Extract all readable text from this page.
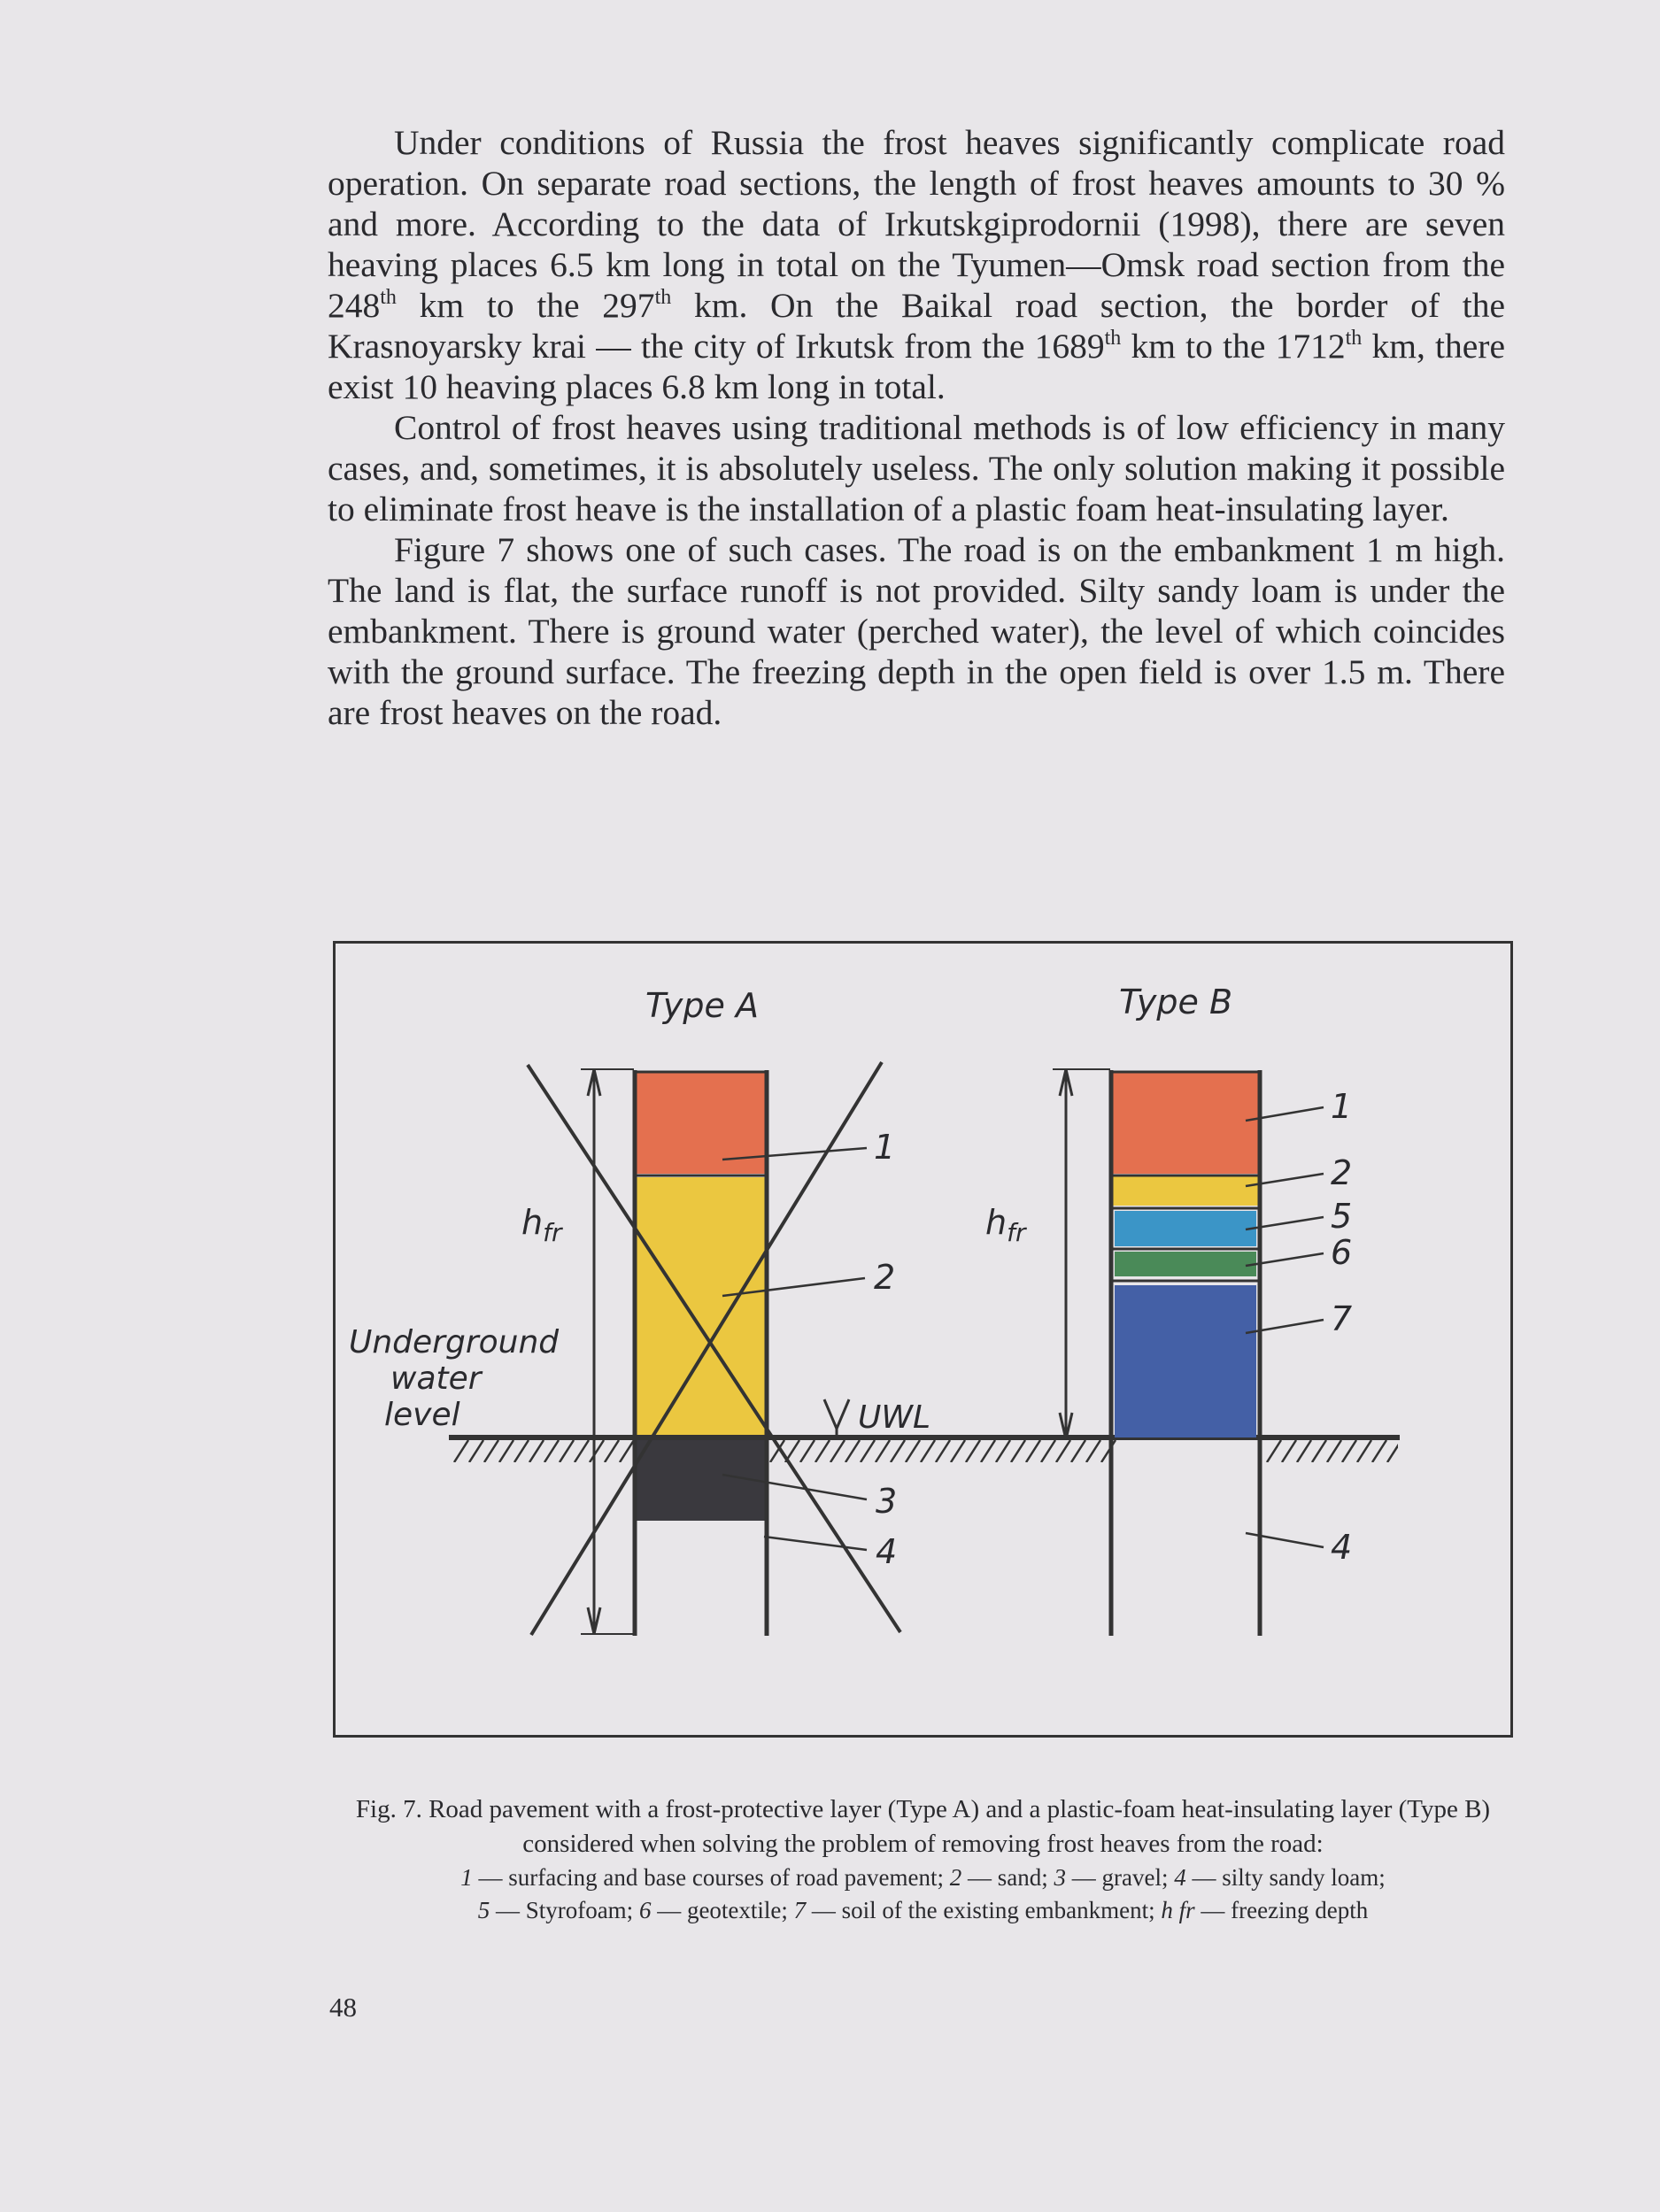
Under conditions of Russia the frost heaves significantly complicate road operation. On separate road sections, the length of frost heaves amounts to 30 % and more. According to the data of Irkutskgiprodornii (1998), there are seven heaving places 6.5 km long in total on the Tyumen—Omsk road section from the 248th km to the 297th km. On the Baikal road section, the border of the Krasnoyarsky krai — the city of Irkutsk from the 1689th km to the 1712th km, there exist 10 heaving places 6.8 km long in total.

Control of frost heaves using traditional methods is of low efficiency in many cases, and, sometimes, it is absolutely useless. The only solution making it possible to eliminate frost heave is the installation of a plastic foam heat-insulating layer.

Figure 7 shows one of such cases. The road is on the embankment 1 m high. The land is flat, the surface runoff is not provided. Silty sandy loam is under the embankment. There is ground water (perched water), the level of which coincides with the ground surface. The freezing depth in the open field is over 1.5 m. There are frost heaves on the road.

Type A	Type B
$h_{fr}$
1
2
3
4
Underground
water
level	UWL
$h_{fr}$
1
2
5
6
7
4

Fig. 7. Road pavement with a frost-protective layer (Type A) and a plastic-foam heat-insulating layer (Type B) considered when solving the problem of removing frost heaves from the road:

1 — surfacing and base courses of road pavement; 2 — sand; 3 — gravel; 4 — silty sandy loam;

5 — Styrofoam; 6 — geotextile; 7 — soil of the existing embankment; h fr — freezing depth

48
